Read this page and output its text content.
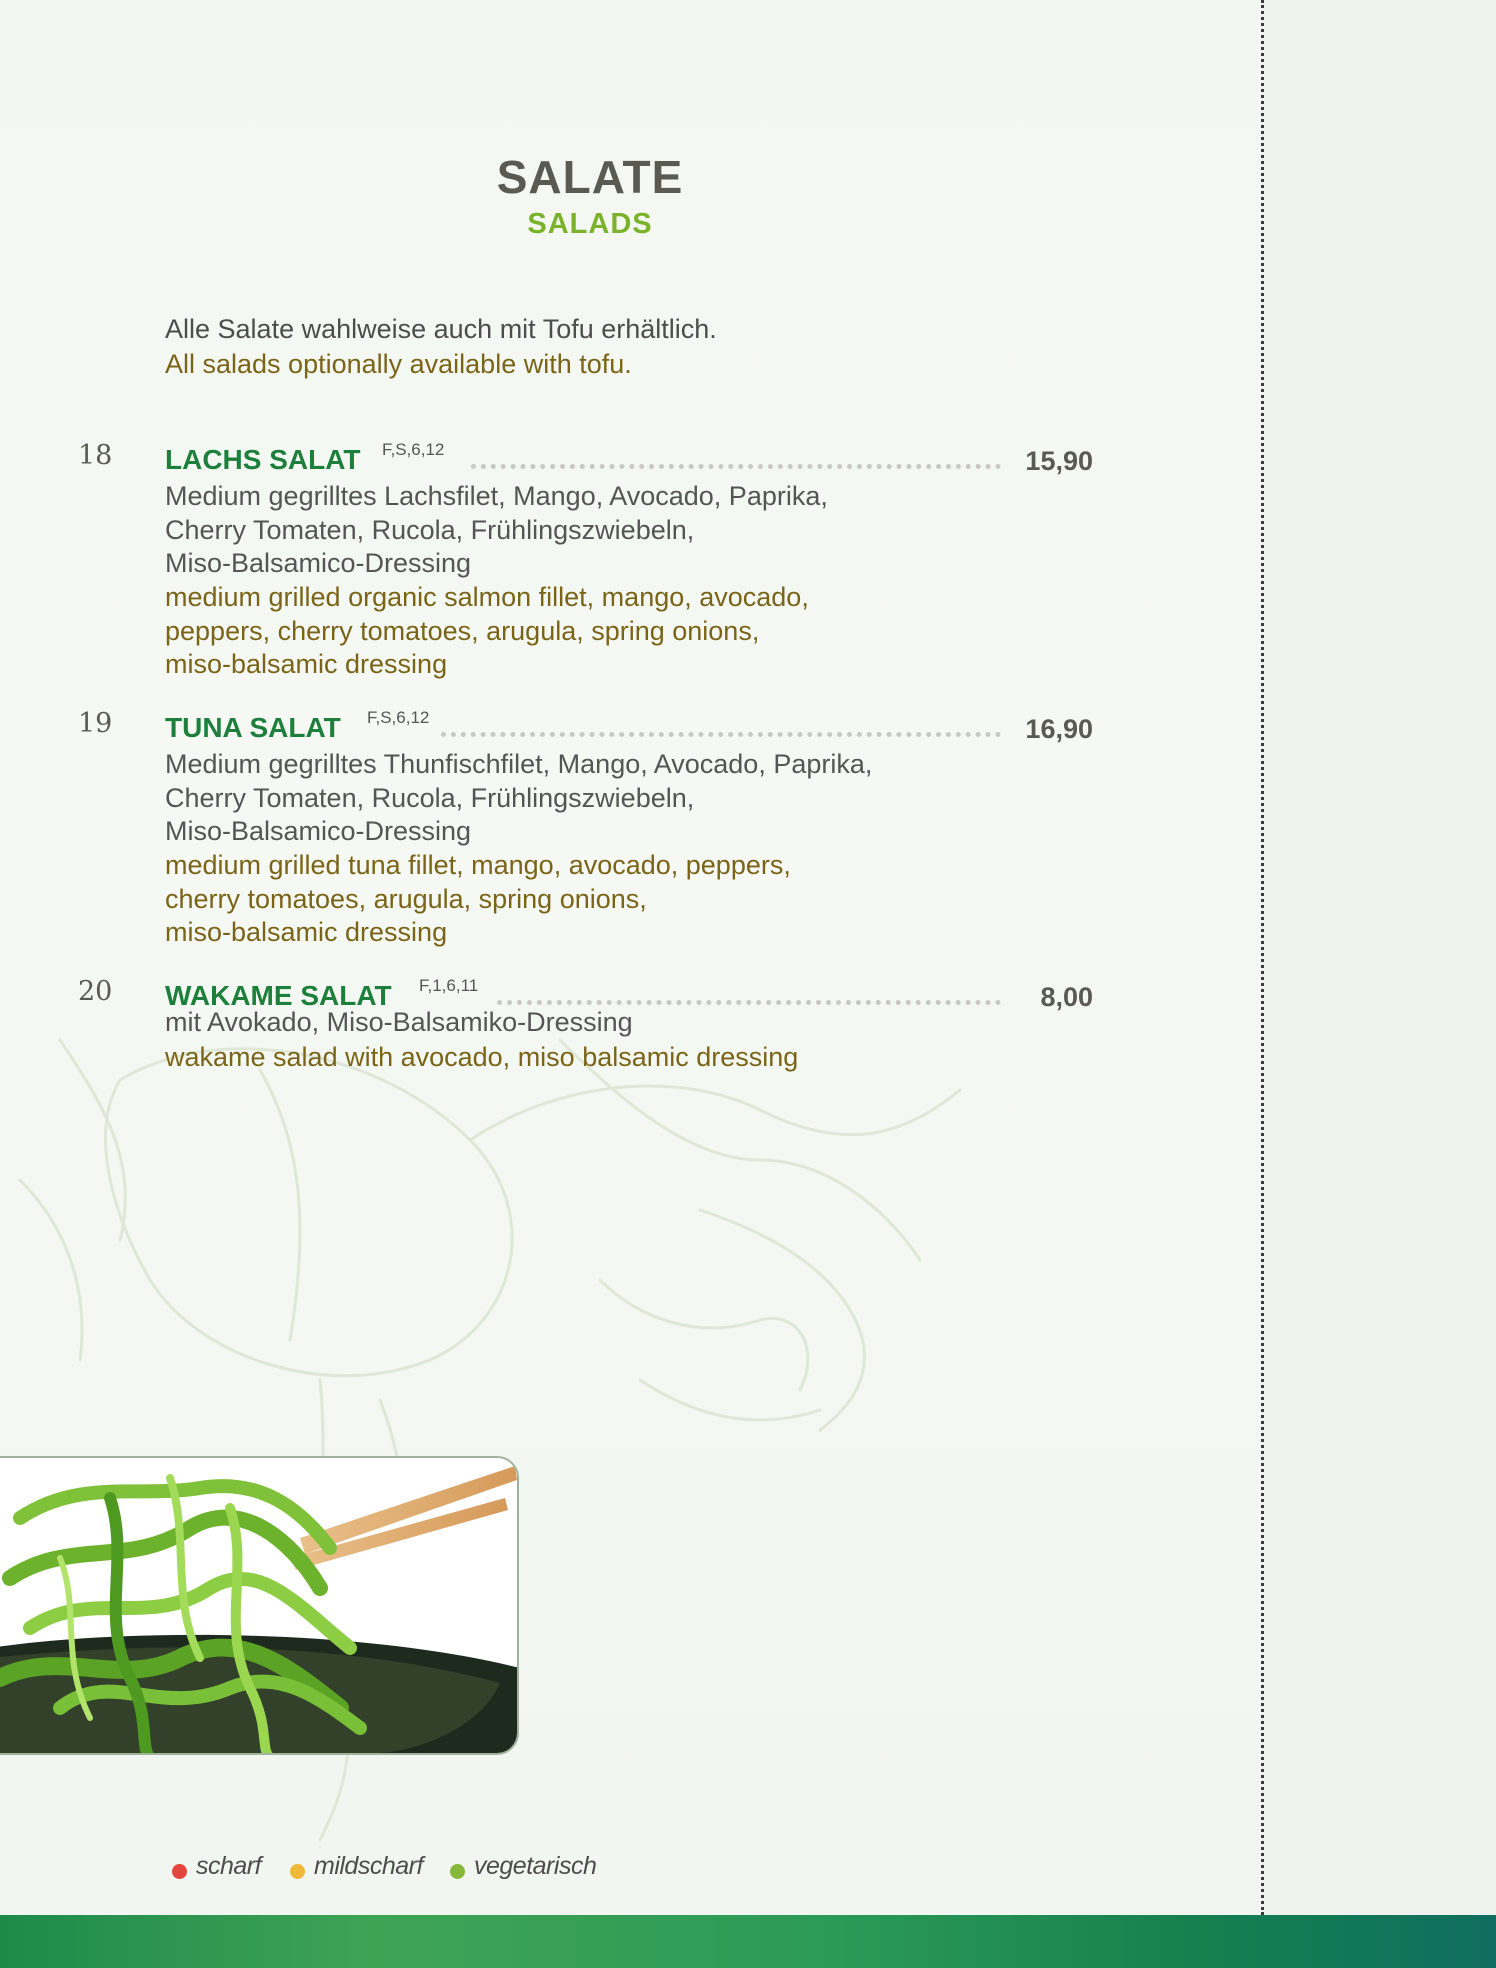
SALATE
SALADS
Alle Salate wahlweise auch mit Tofu erhältlich.
All salads optionally available with tofu.
18 LACHS SALAT F,S,6,12	15,90

Medium gegrilltes Lachsfilet, Mango, Avocado, Paprika,
Cherry Tomaten, Rucola, Frühlingszwiebeln,
Miso-Balsamico-Dressing

medium grilled organic salmon fillet, mango, avocado,
peppers, cherry tomatoes, arugula, spring onions,
miso-balsamic dressing

19 TUNA SALAT F,S,6,12	16,90

Medium gegrilltes Thunfischfilet, Mango, Avocado, Paprika,
Cherry Tomaten, Rucola, Frühlingszwiebeln,
Miso-Balsamico-Dressing

medium grilled tuna fillet, mango, avocado, peppers,
cherry tomatoes, arugula, spring onions,
miso-balsamic dressing

20 WAKAME SALAT F,1,6,11	8,00

mit Avokado, Miso-Balsamiko-Dressing

wakame salad with avocado, miso balsamic dressing

scharf mildscharf vegetarisch
